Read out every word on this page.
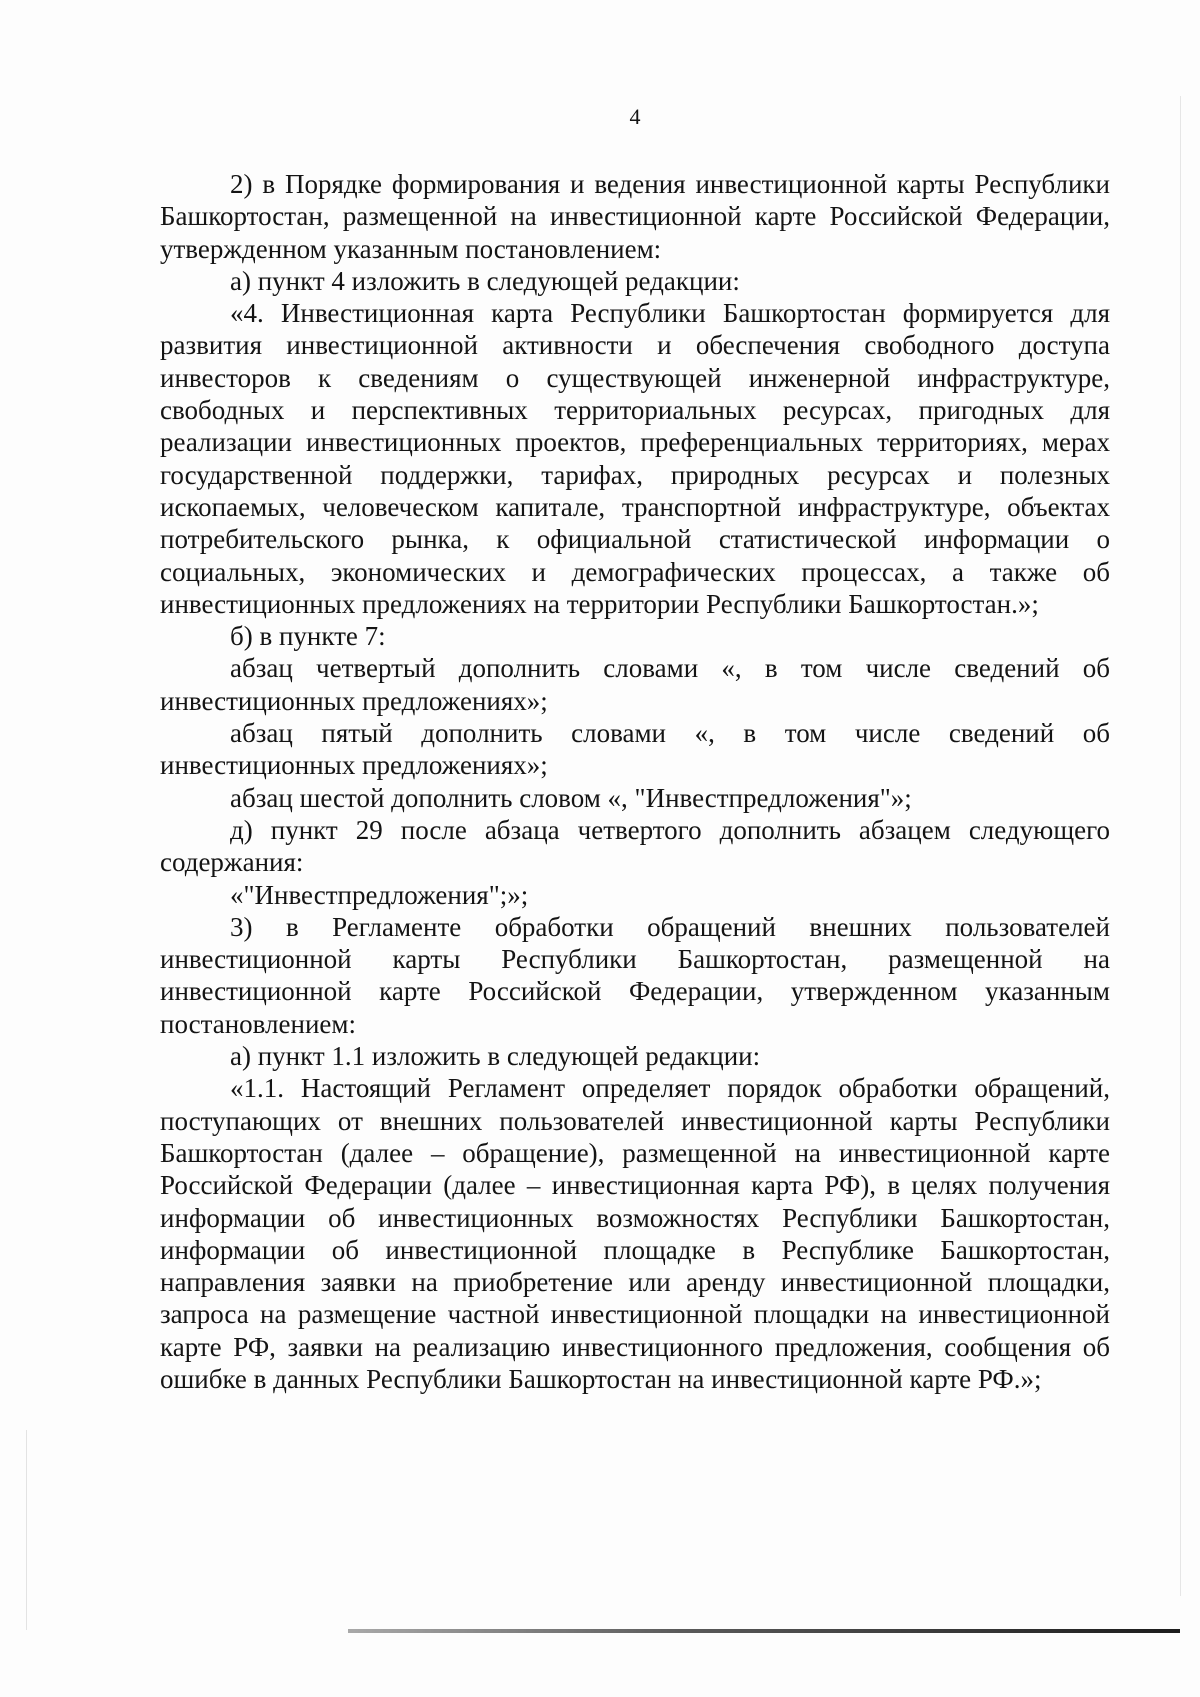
4

2) в Порядке формирования и ведения инвестиционной карты Республики Башкортостан, размещенной на инвестиционной карте Российской Федерации, утвержденном указанным постановлением:

а) пункт 4 изложить в следующей редакции:

«4. Инвестиционная карта Республики Башкортостан формируется для развития инвестиционной активности и обеспечения свободного доступа инвесторов к сведениям о существующей инженерной инфраструктуре, свободных и перспективных территориальных ресурсах, пригодных для реализации инвестиционных проектов, преференциальных территориях, мерах государственной поддержки, тарифах, природных ресурсах и полезных ископаемых, человеческом капитале, транспортной инфраструктуре, объектах потребительского рынка, к официальной статистической информации о социальных, экономических и демографических процессах, а также об инвестиционных предложениях на территории Республики Башкортостан.»;

б) в пункте 7:

абзац четвертый дополнить словами «, в том числе сведений об инвестиционных предложениях»;

абзац пятый дополнить словами «, в том числе сведений об инвестиционных предложениях»;

абзац шестой дополнить словом «, "Инвестпредложения"»;

д) пункт 29 после абзаца четвертого дополнить абзацем следующего содержания:

«"Инвестпредложения";»;

3) в Регламенте обработки обращений внешних пользователей инвестиционной карты Республики Башкортостан, размещенной на инвестиционной карте Российской Федерации, утвержденном указанным постановлением:

а) пункт 1.1 изложить в следующей редакции:

«1.1. Настоящий Регламент определяет порядок обработки обращений, поступающих от внешних пользователей инвестиционной карты Республики Башкортостан (далее – обращение), размещенной на инвестиционной карте Российской Федерации (далее – инвестиционная карта РФ), в целях получения информации об инвестиционных возможностях Республики Башкортостан, информации об инвестиционной площадке в Республике Башкортостан, направления заявки на приобретение или аренду инвестиционной площадки, запроса на размещение частной инвестиционной площадки на инвестиционной карте РФ, заявки на реализацию инвестиционного предложения, сообщения об ошибке в данных Республики Башкортостан на инвестиционной карте РФ.»;
